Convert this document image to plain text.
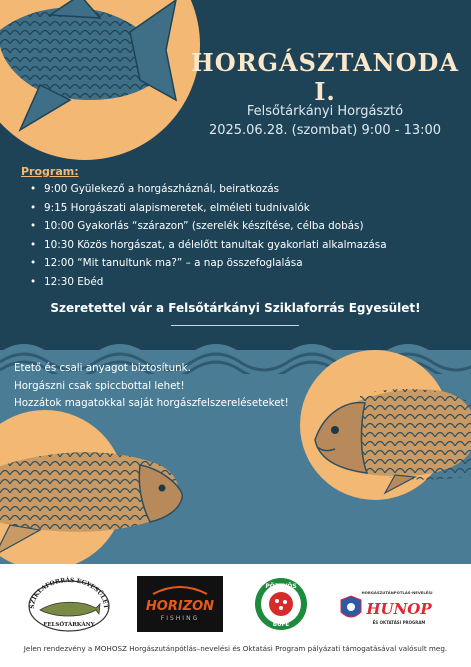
HORGÁSZTANODA I.
Felsőtárkányi Horgásztó
2025.06.28. (szombat) 9:00 - 13:00
Program:
• 9:00 Gyülekező a horgászháznál, beiratkozás
• 9:15 Horgászati alapismeretek, elméleti tudnivalók
• 10:00 Gyakorlás “szárazon” (szerelék készítése, célba dobás)
• 10:30 Közös horgászat, a délelőtt tanultak gyakorlati alkalmazása
• 12:00 “Mit tanultunk ma?” – a nap összefoglalása
• 12:30 Ebéd
Szeretettel vár a Felsőtárkányi Sziklaforrás Egyesület!
Etető és csali anyagot biztosítunk.
Horgászni csak spiccbottal lehet!
Hozzátok magatokkal saját horgászfelszereléseteket!
SZIKLAFORRÁS EGYESÜLET
FELSŐTÁRKÁNY
HORIZON
FISHING
PÖTTYÖS
BÜFÉ
HORGÁSZUTÁNPÓTLÁS-NEVELÉSI
HUNOP
ÉS OKTATÁSI PROGRAM
Jelen rendezvény a MOHOSZ Horgászutánpótlás–nevelési és Oktatási Program pályázati támogatásával valósult meg.
